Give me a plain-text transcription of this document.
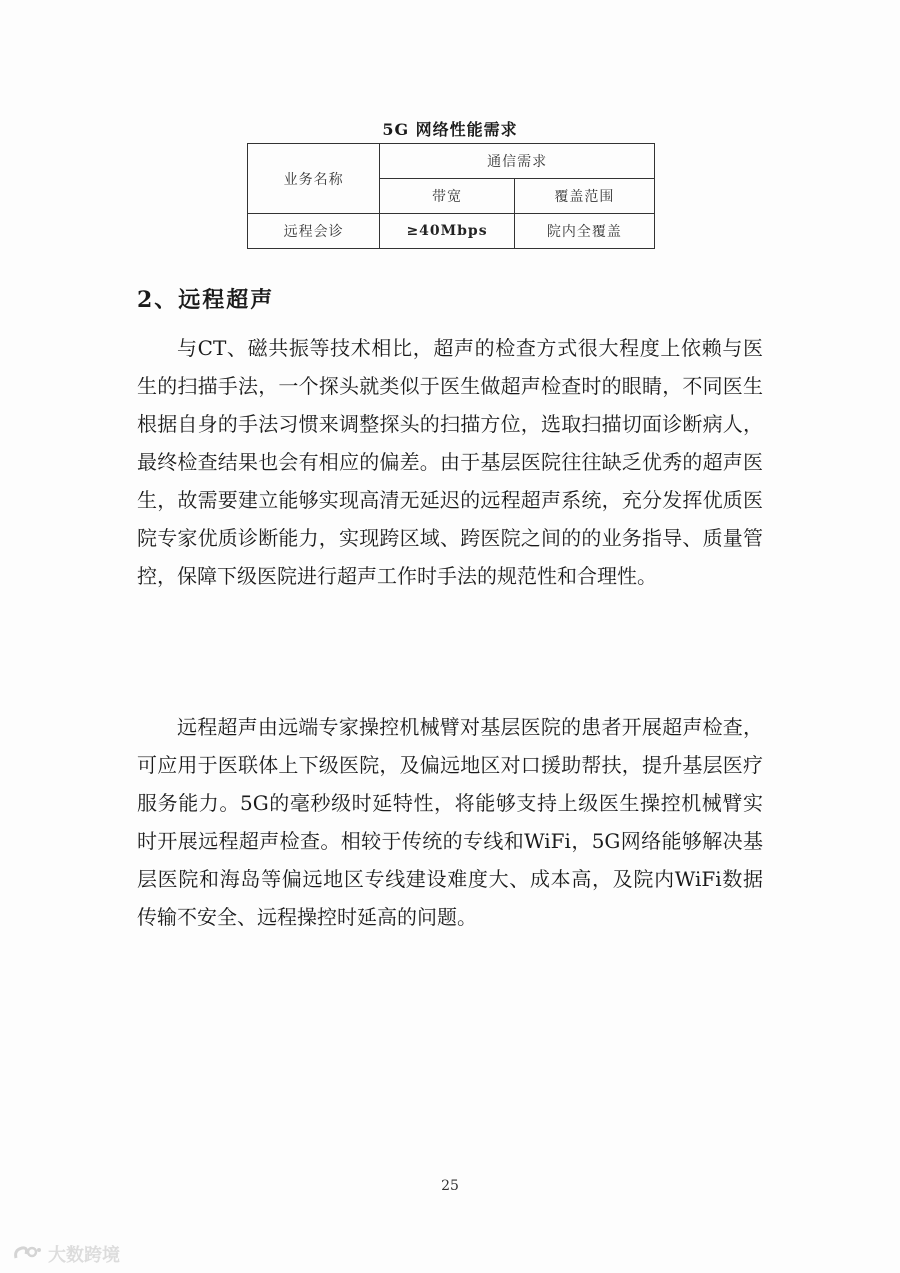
5G 网络性能需求
业务名称	通信需求	
	带宽	覆盖范围
远程会诊	≥40Mbps	院内全覆盖
2、远程超声

与CT、磁共振等技术相比，超声的检查方式很大程度上依赖与医生的扫描手法，一个探头就类似于医生做超声检查时的眼睛，不同医生根据自身的手法习惯来调整探头的扫描方位，选取扫描切面诊断病人，最终检查结果也会有相应的偏差。由于基层医院往往缺乏优秀的超声医生，故需要建立能够实现高清无延迟的远程超声系统，充分发挥优质医院专家优质诊断能力，实现跨区域、跨医院之间的的业务指导、质量管控，保障下级医院进行超声工作时手法的规范性和合理性。

远程超声由远端专家操控机械臂对基层医院的患者开展超声检查，可应用于医联体上下级医院，及偏远地区对口援助帮扶，提升基层医疗服务能力。5G的毫秒级时延特性，将能够支持上级医生操控机械臂实时开展远程超声检查。相较于传统的专线和WiFi，5G网络能够解决基层医院和海岛等偏远地区专线建设难度大、成本高，及院内WiFi数据传输不安全、远程操控时延高的问题。

25
大数跨境
